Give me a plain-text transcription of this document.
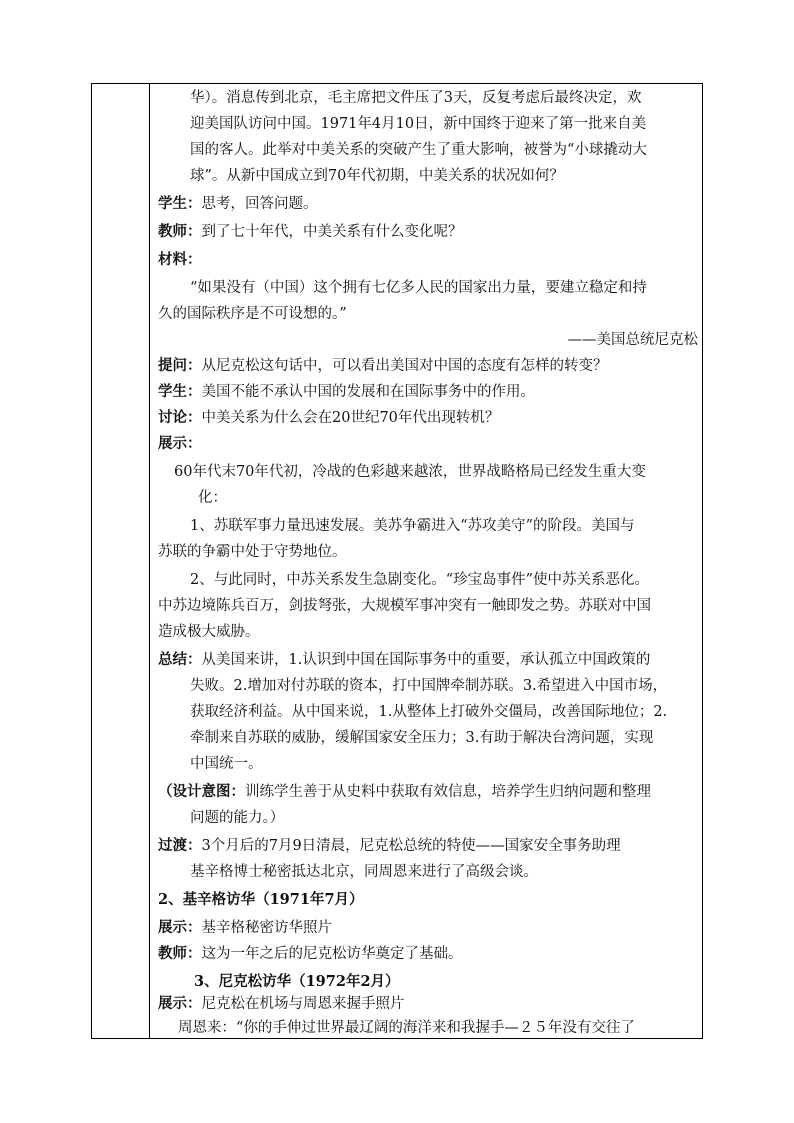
华）。消息传到北京，毛主席把文件压了3天，反复考虑后最终决定，欢
迎美国队访问中国。1971年4月10日，新中国终于迎来了第一批来自美
国的客人。此举对中美关系的突破产生了重大影响，被誉为“小球撬动大
球”。从新中国成立到70年代初期，中美关系的状况如何？
学生：思考，回答问题。
教师：到了七十年代，中美关系有什么变化呢？
材料：
“如果没有（中国）这个拥有七亿多人民的国家出力量，要建立稳定和持
久的国际秩序是不可设想的。”
——美国总统尼克松
提问：从尼克松这句话中，可以看出美国对中国的态度有怎样的转变？
学生：美国不能不承认中国的发展和在国际事务中的作用。
讨论：中美关系为什么会在20世纪70年代出现转机？
展示：
60年代末70年代初，冷战的色彩越来越浓，世界战略格局已经发生重大变
化：
1、苏联军事力量迅速发展。美苏争霸进入“苏攻美守”的阶段。美国与
苏联的争霸中处于守势地位。
2、与此同时，中苏关系发生急剧变化。“珍宝岛事件”使中苏关系恶化。
中苏边境陈兵百万，剑拔弩张，大规模军事冲突有一触即发之势。苏联对中国
造成极大威胁。
总结：从美国来讲，1.认识到中国在国际事务中的重要，承认孤立中国政策的
失败。2.增加对付苏联的资本，打中国牌牵制苏联。3.希望进入中国市场，
获取经济利益。从中国来说，1.从整体上打破外交僵局，改善国际地位；2.
牵制来自苏联的威胁，缓解国家安全压力；3.有助于解决台湾问题，实现
中国统一。
（设计意图：训练学生善于从史料中获取有效信息，培养学生归纳问题和整理
问题的能力。）
过渡：3个月后的7月9日清晨，尼克松总统的特使——国家安全事务助理
基辛格博士秘密抵达北京，同周恩来进行了高级会谈。
2、基辛格访华（1971年7月）
展示：基辛格秘密访华照片
教师：这为一年之后的尼克松访华奠定了基础。
3、尼克松访华（1972年2月）
展示：尼克松在机场与周恩来握手照片
周恩来：“你的手伸过世界最辽阔的海洋来和我握手—２５年没有交往了
